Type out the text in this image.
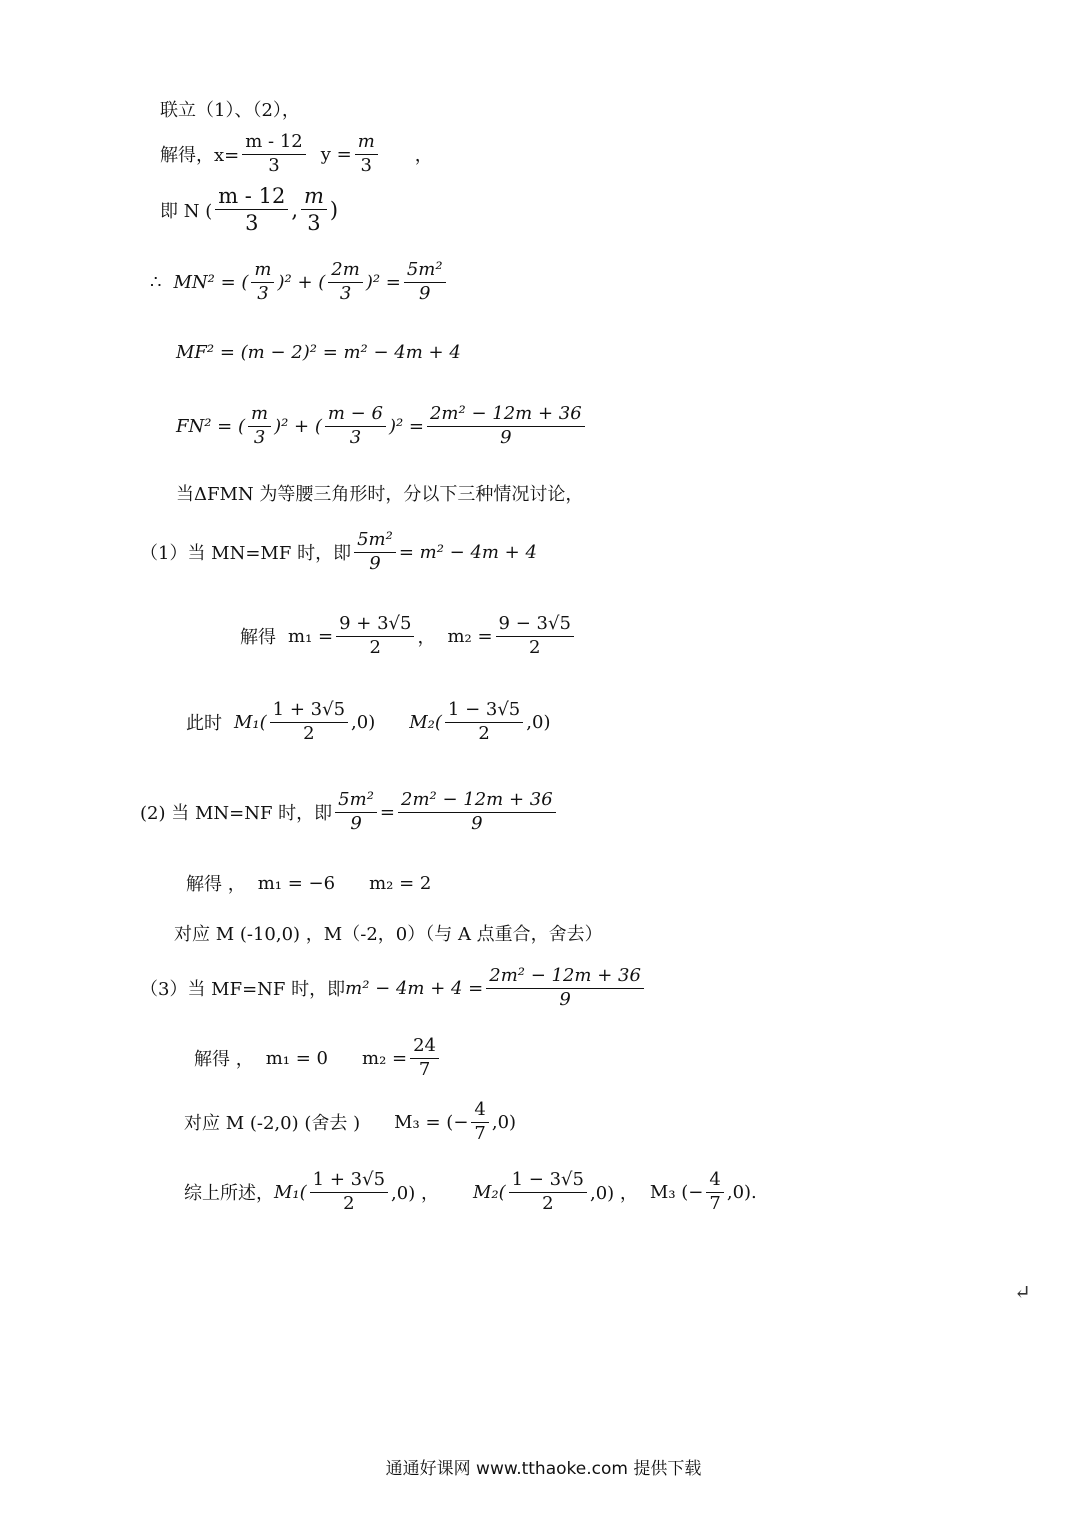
联立（1）、（2），
解得，$x= \frac{m - 12}{3}$ $y = \frac{m}{3}$ ，
即 N ( $\frac{m - 12}{3}$ , $\frac{m}{3}$ )
∴ MN² = ( $\frac{m}{3} )^2$ + ( $\frac{2m}{3} )^2 = \frac{\text{5m²}}{9}$
MF² = (m − 2)² = m² − 4m + 4
FN² = ( $\frac{m}{3} )^2$ + ( $\frac{m - 6}{3} )^2 = \frac{\text{2m² − 12m + 36}}{9}$
当ΔFMN 为等腰三角形时，分以下三种情况讨论，
（1）当 MN=MF 时，即 $\frac{\text{5m²}}{9} = m^2 - 4m + 4$
解得 $m_1 = \frac{9 + 3√5}{2}$ ， $m_2 = \frac{9 - 3√5}{2}$
此时 $M_1( \frac{1 + 3√5}{2} ,0)$ $M_2( \frac{1 - 3√5}{2} ,0)$
(2) 当 MN=NF 时，即 $\frac{\text{5m²}}{9} = \frac{\text{2m² − 12m + 36}}{9}$
解得 ， m₁ = −6 m₂ = 2
对应 M (-10,0) ，M（-2，0）（与 A 点重合，舍去）
（3）当 MF=NF 时，即 $m^2 - 4m + 4 = \frac{\text{2m² − 12m + 36}}{9}$
解得 ， m₁ = 0 $m_2 = \frac{24}{7}$
对应 M (-2,0) (舍去 ) M₃ = (− $\frac{4}{7} ,0$)
综上所述， $M_1( \frac{1 + 3√5}{2} ,0)$ ， $M_2( \frac{1 - 3√5}{2} ,0)$ ， M₃ (− $\frac{4}{7} ,0$).
↵
通通好课网 www.tthaoke.com 提供下载
